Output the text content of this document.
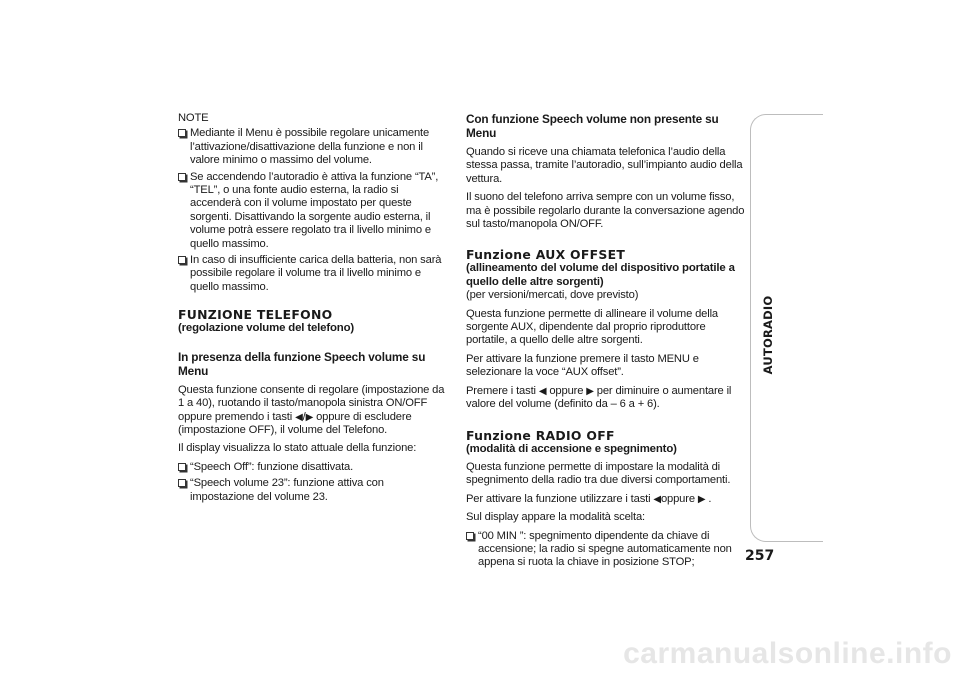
NOTE

Mediante il Menu è possibile regolare unicamente l’attivazione/disattivazione della funzione e non il valore minimo o massimo del volume.
Se accendendo l’autoradio è attiva la funzione “TA”, “TEL”, o una fonte audio esterna, la radio si accenderà con il volume impostato per queste sorgenti. Disattivando la sorgente audio esterna, il volume potrà essere regolato tra il livello minimo e quello massimo.
In caso di insufficiente carica della batteria, non sarà possibile regolare il volume tra il livello minimo e quello massimo.
FUNZIONE TELEFONO
(regolazione volume del telefono)
In presenza della funzione Speech volume su Menu

Questa funzione consente di regolare (impostazione da 1 a 40), ruotando il tasto/manopola sinistra ON/OFF oppure premendo i tasti ◀/▶ oppure di escludere (impostazione OFF), il volume del Telefono.

Il display visualizza lo stato attuale della funzione:

“Speech Off”: funzione disattivata.
“Speech volume 23”: funzione attiva con impostazione del volume 23.
Con funzione Speech volume non presente su Menu

Quando si riceve una chiamata telefonica l’audio della stessa passa, tramite l’autoradio, sull’impianto audio della vettura.

Il suono del telefono arriva sempre con un volume fisso, ma è possibile regolarlo durante la conversazione agendo sul tasto/manopola ON/OFF.

Funzione AUX OFFSET
(allineamento del volume del dispositivo portatile a quello delle altre sorgenti)

(per versioni/mercati, dove previsto)

Questa funzione permette di allineare il volume della sorgente AUX, dipendente dal proprio riproduttore portatile, a quello delle altre sorgenti.

Per attivare la funzione premere il tasto MENU e selezionare la voce “AUX offset”.

Premere i tasti ◀ oppure ▶ per diminuire o aumentare il valore del volume (definito da – 6 a + 6).

Funzione RADIO OFF
(modalità di accensione e spegnimento)

Questa funzione permette di impostare la modalità di spegnimento della radio tra due diversi comportamenti.

Per attivare la funzione utilizzare i tasti ◀oppure ▶ .

Sul display appare la modalità scelta:

“00 MIN ”: spegnimento dipendente da chiave di accensione; la radio si spegne automaticamente non appena si ruota la chiave in posizione STOP;
AUTORADIO
257
carmanualsonline.info
